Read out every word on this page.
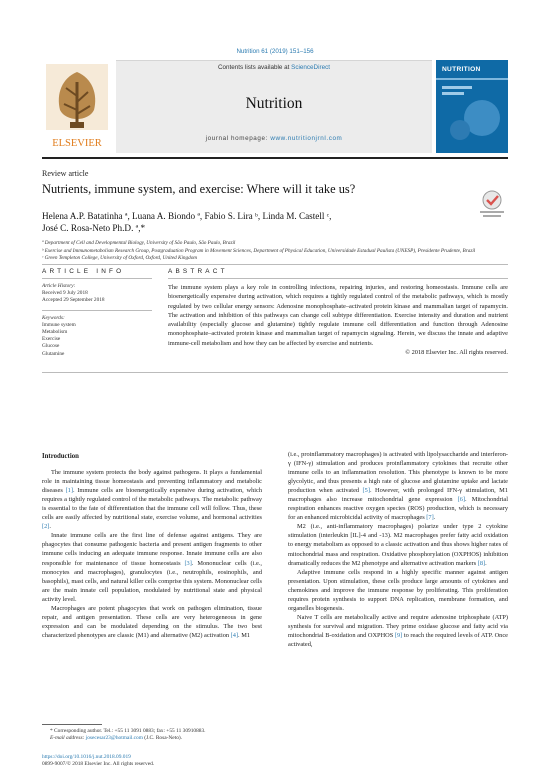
Nutrition 61 (2019) 151–156
ELSEVIER
Contents lists available at ScienceDirect
Nutrition
journal homepage: www.nutritionjrnl.com
NUTRITION
Review article
Nutrients, immune system, and exercise: Where will it take us?
Helena A.P. Batatinha ª, Luana A. Biondo ª, Fabio S. Lira ᵇ, Linda M. Castell ᶜ,
José C. Rosa-Neto Ph.D. ª,*
ª Department of Cell and Developmental Biology, University of São Paulo, São Paulo, Brazil
ᵇ Exercise and Immunometabolism Research Group, Postgraduation Program in Movement Sciences, Department of Physical Education, Universidade Estadual Paulista (UNESP), Presidente Prudente, Brazil
ᶜ Green Templeton College, University of Oxford, Oxford, United Kingdom
ARTICLE INFO	ABSTRACT
Article History:
Received 9 July 2018
Accepted 29 September 2018
Keywords:
Immune system
Metabolism
Exercise
Glucose
Glutamine
The immune system plays a key role in controlling infections, repairing injuries, and restoring homeostasis. Immune cells are bioenergetically expensive during activation, which requires a tightly regulated control of the metabolic pathways, which is mostly regulated by two cellular energy sensors: Adenosine monophosphate–activated protein kinase and mammalian target of rapamycin. The activation and inhibition of this pathways can change cell subtype differentiation. Exercise intensity and duration and nutrient availability (especially glucose and glutamine) tightly regulate immune cell differentiation and function through Adenosine monophosphate–activated protein kinase and mammalian target of rapamycin signaling. Herein, we discuss the innate and adaptive immune-cell metabolism and how they can be affected by exercise and nutrients.
© 2018 Elsevier Inc. All rights reserved.

Introduction

The immune system protects the body against pathogens. It plays a fundamental role in maintaining tissue homeostasis and preventing inflammatory and metabolic diseases [1]. Immune cells are bioenergetically expensive during activation, which requires a tightly regulated control of the metabolic pathways. The metabolic pathway is essential to the fate of differentiation that the immune cell will follow. Thus, these cells are easily affected by nutritional state, exercise volume, and hormonal activities [2].

Innate immune cells are the first line of defense against antigens. They are phagocytes that consume pathogenic bacteria and present antigen fragments to other immune cells inducing an adequate immune response. Innate immune cells are also responsible for maintenance of tissue homeostasis [3]. Mononuclear cells (i.e., monocytes and macrophages), granulocytes (i.e., neutrophils, eosinophils, and basophils), mast cells, and natural killer cells comprise this system. Mononuclear cells are the main innate cell population, modulated by nutritional state and physical activity level.

Macrophages are potent phagocytes that work on pathogen elimination, tissue repair, and antigen presentation. These cells are very heterogeneous in gene expression and can be modulated depending on the stimulus. The two best characterized phenotypes are classic (M1) and alternative (M2) activation [4]. M1

(i.e., proinflammatory macrophages) is activated with lipolysaccharide and interferon-γ (IFN-γ) stimulation and produces proinflammatory cytokines that recruite other immune cells to an inflammation resolution. This phenotype is known to be more glycolytic, and thus presents a high rate of glucose and glutamine uptake and lactate production when activated [5]. However, with prolonged IFN-γ stimulation, M1 macrophages also increase mitochondrial gene expression [6]. Mitochondrial respiration enhances reactive oxygen species (ROS) production, which is necessary for an enhanced microbicidal activity of macrophages [7].

M2 (i.e., anti-inflammatory macrophages) polarize under type 2 cytokine stimulation (interleukin [IL]-4 and -13). M2 macrophages prefer fatty acid oxidation to energy metabolism as opposed to a classic activation and thus shows higher rates of mitochondrial mass and respiration. Oxidative phosphorylation (OXPHOS) inhibition dramatically reduces the M2 phenotype and alternative activation markers [8].

Adaptive immune cells respond in a highly specific manner against antigen presentation. Upon stimulation, these cells produce large amounts of cytokines and chemokines and improve the immune response by proliferating. This proliferation requires protein synthesis to support DNA replication, membrane formation, and organelles biogenesis.

Naive T cells are metabolically active and require adenosine triphosphate (ATP) synthesis for survival and migration. They prime oxidase glucose and fatty acid via mitochondrial B-oxidation and OXPHOS [9] to reach the required levels of ATP. Once activated,

* Corresponding author. Tel.: +55 11 3091 0883; fax: +55 11 30910883.
E-mail address: josecesar23@hotmail.com (J.C. Rosa-Neto).
https://doi.org/10.1016/j.nut.2018.09.019
0899-9007/© 2018 Elsevier Inc. All rights reserved.
